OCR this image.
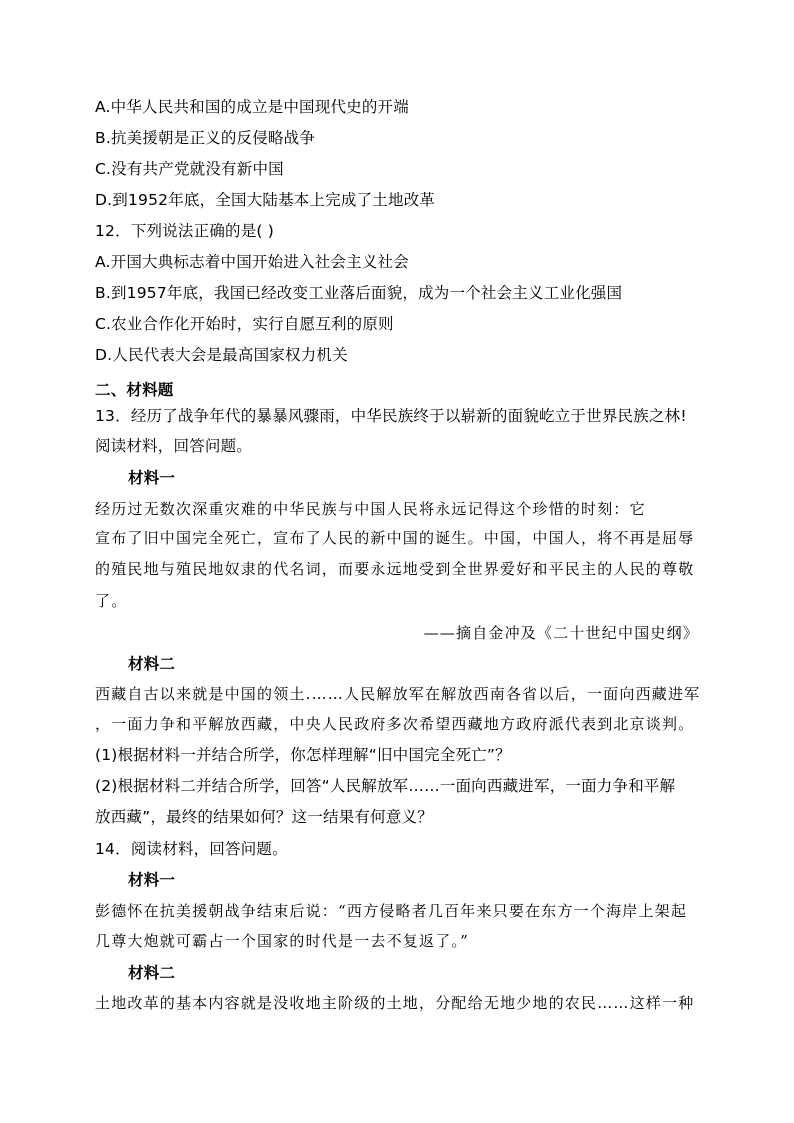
A.中华人民共和国的成立是中国现代史的开端
B.抗美援朝是正义的反侵略战争
C.没有共产党就没有新中国
D.到1952年底，全国大陆基本上完成了土地改革
12．下列说法正确的是( )
A.开国大典标志着中国开始进入社会主义社会
B.到1957年底，我国已经改变工业落后面貌，成为一个社会主义工业化强国
C.农业合作化开始时，实行自愿互利的原则
D.人民代表大会是最高国家权力机关
二、材料题
13．经历了战争年代的暴暴风骤雨，中华民族终于以崭新的面貌屹立于世界民族之林!
阅读材料，回答问题。
材料一
经历过无数次深重灾难的中华民族与中国人民将永远记得这个珍惜的时刻：它
宣布了旧中国完全死亡，宣布了人民的新中国的诞生。中国，中国人，将不再是屈辱
的殖民地与殖民地奴隶的代名词，而要永远地受到全世界爱好和平民主的人民的尊敬
了。
——摘自金冲及《二十世纪中国史纲》
材料二
西藏自古以来就是中国的领土.……人民解放军在解放西南各省以后，一面向西藏进军
，一面力争和平解放西藏，中央人民政府多次希望西藏地方政府派代表到北京谈判。
(1)根据材料一并结合所学，你怎样理解“旧中国完全死亡”？
(2)根据材料二并结合所学，回答“人民解放军……一面向西藏进军，一面力争和平解
放西藏”，最终的结果如何？这一结果有何意义？
14．阅读材料，回答问题。
材料一
彭德怀在抗美援朝战争结束后说：“西方侵略者几百年来只要在东方一个海岸上架起
几尊大炮就可霸占一个国家的时代是一去不复返了。”
材料二
土地改革的基本内容就是没收地主阶级的土地，分配给无地少地的农民……这样一种
